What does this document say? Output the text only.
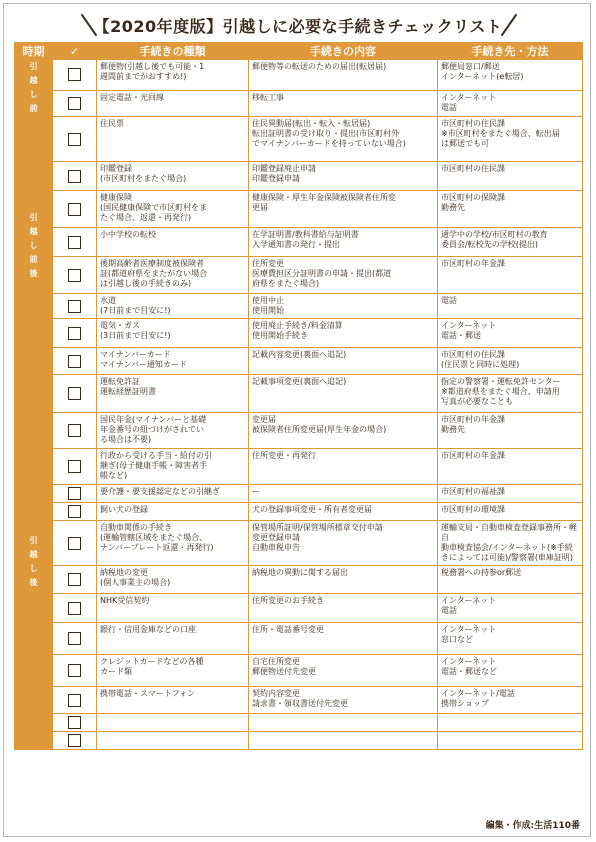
【2020年度版】引越しに必要な手続きチェックリスト
時期	✓	手続きの種類	手続きの内容	手続き先・方法
引越し前		郵便物(引越し後でも可能・1
週間前までがおすすめ!)	郵便物等の転送のための届出(転居届)	郵便局窓口/郵送
インターネット(e転居)
		固定電話・光回線	移転工事	インターネット
電話
引越し前後		住民票	住民異動届(転出・転入・転居届)
転出証明書の受け取り・提出(市区町村外
でマイナンバーカードを持っていない場合)	市区町村の住民課
※市区町村をまたぐ場合、転出届
は郵送でも可
		印鑑登録
(市区町村をまたぐ場合)	印鑑登録廃止申請
印鑑登録申請	市区町村の住民課
		健康保険
(国民健康保険で市区町村をま
たぐ場合、返還・再発行)	健康保険・厚生年金保険被保険者住所変
更届	市区町村の保険課
勤務先
		小中学校の転校	在学証明書/教科書給与証明書
入学通知書の発行・提出	通学中の学校/市区町村の教育
委員会/転校先の学校(提出)
		後期高齢者医療制度被保険者
証(都道府県をまたがない場合
は引越し後の手続きのみ)	住所変更
医療費担区分証明書の申請・提出(都道
府県をまたぐ場合)	市区町村の年金課
		水道
(7日前まで目安に!)	使用中止
使用開始	電話
		電気・ガス
(3日前まで目安に!)	使用廃止手続き/料金清算
使用開始手続き	インターネット
電話・郵送
		マイナンバーカード
マイナンバー通知カード	記載内容変更(裏面へ追記)	市区町村の住民課
(住民票と同時に処理)
引越し後		運転免許証
運転経歴証明書	記載事項変更(裏面へ追記)	指定の警察署・運転免許センター
※都道府県をまたぐ場合、申請用
写真が必要なことも
		国民年金(マイナンバーと基礎
年金番号の紐づけがされてい
る場合は不要)	変更届
被保険者住所変更届(厚生年金の場合)	市区町村の年金課
勤務先
		行政から受ける手当・給付の引
継ぎ(母子健康手帳・障害者手
帳など)	住所変更・再発行	市区町村の年金課
		要介護・要支援認定などの引継ぎ	ー	市区町村の福祉課
		飼い犬の登録	犬の登録事項変更・所有者変更届	市区町村の環境課
		自動車関係の手続き
(運輸管轄区域をまたぐ場合、
ナンバープレート返還・再発行)	保管場所証明/保管場所標章交付申請
変更登録申請
自動車税申告	運輸支局・自動車検査登録事務所・軽自
動車検査協会/インターネット(※手続
きによっては可能)/警察署(車庫証明)
		納税地の変更
(個人事業主の場合)	納税地の異動に関する届出	税務署への持参or郵送
		NHK受信契約	住所変更のお手続き	インターネット
電話
		銀行・信用金庫などの口座	住所・電話番号変更	インターネット
窓口など
		クレジットカードなどの各種
カード類	自宅住所変更
郵便物送付先変更	インターネット
電話・郵送など
		携帯電話・スマートフォン	契約内容変更
請求書・領収書送付先変更	インターネット/電話
携帯ショップ

編集・作成:生活110番
